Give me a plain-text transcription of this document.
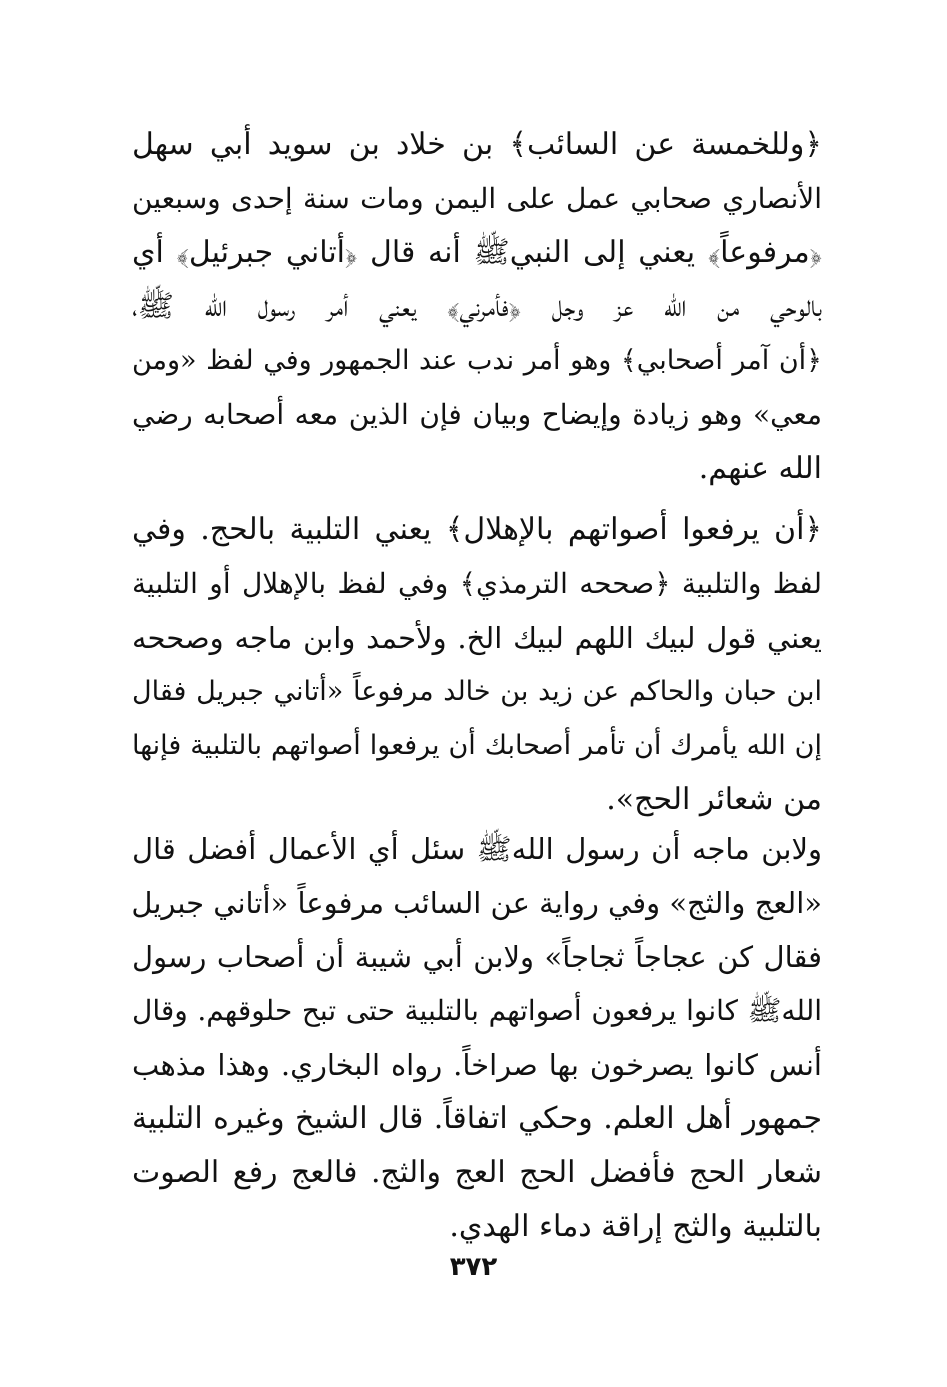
﴿وللخمسة عن السائب﴾ بن خلاد بن سويد أبي سهل
الأنصاري صحابي عمل على اليمن ومات سنة إحدى وسبعين
﴿مرفوعاً﴾ يعني إلى النبيﷺ أنه قال ﴿أتاني جبرئيل﴾ أي
بالوحي من الله عز وجل ﴿فأمرني﴾ يعني أمر رسول الله ﷺ،
﴿أن آمر أصحابي﴾ وهو أمر ندب عند الجمهور وفي لفظ «ومن
معي» وهو زيادة وإيضاح وبيان فإن الذين معه أصحابه رضي
الله عنهم.
﴿أن يرفعوا أصواتهم بالإهلال﴾ يعني التلبية بالحج. وفي
لفظ والتلبية ﴿صححه الترمذي﴾ وفي لفظ بالإهلال أو التلبية
يعني قول لبيك اللهم لبيك الخ. ولأحمد وابن ماجه وصححه
ابن حبان والحاكم عن زيد بن خالد مرفوعاً «أتاني جبريل فقال
إن الله يأمرك أن تأمر أصحابك أن يرفعوا أصواتهم بالتلبية فإنها
من شعائر الحج».
ولابن ماجه أن رسول اللهﷺ سئل أي الأعمال أفضل قال
«العج والثج» وفي رواية عن السائب مرفوعاً «أتاني جبريل
فقال كن عجاجاً ثجاجاً» ولابن أبي شيبة أن أصحاب رسول
اللهﷺ كانوا يرفعون أصواتهم بالتلبية حتى تبح حلوقهم. وقال
أنس كانوا يصرخون بها صراخاً. رواه البخاري. وهذا مذهب
جمهور أهل العلم. وحكي اتفاقاً. قال الشيخ وغيره التلبية
شعار الحج فأفضل الحج العج والثج. فالعج رفع الصوت
بالتلبية والثج إراقة دماء الهدي.
٣٧٢
